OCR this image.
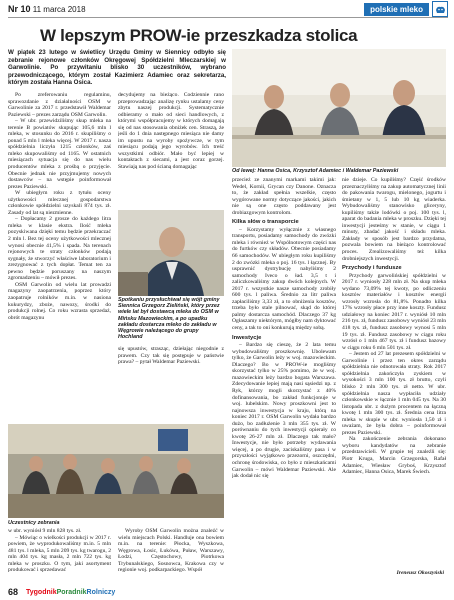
Nr 10 11 marca 2018	polskie mleko
W lepszym PROW-ie przeszkadza stolica
W piątek 23 lutego w świetlicy Urzędu Gminy w Siennicy odbyło się zebranie rejonowe członków Okręgowej Spółdzielni Mleczarskiej w Garwolinie. Po przywitaniu blisko 30 uczestników, wybrano przewodniczącego, którym został Kazimierz Adamiec oraz sekretarza, którym została Hanna Osica.

Po zreferowaniu regulaminu, sprawozdanie z działalności OSM w Garwolinie za 2017 r. przedstawił Waldemar Paziewski – prezes zarządu OSM Garwolin.

– W ubr. przewidziliśmy skup mleka na terenie B powiatów skupując 105,6 mln l mleka, w stosunku do 2016 r. skupiliśmy o ponad 5 mln l mleka więcej. W 2017 r. nasza spółdzielnia liczyła 1215 członków, zaś mleko skupowaliśmy od 1165. W ostatnich miesiącach sytuacja się do nas wielu producentów mleka z prośbą o przyjęcie. Obecnie jednak nie przyjmujemy nowych dostawców – na wstępie poinformował prezes Paziewski.

W ubiegłym roku z tytułu oceny użytkowości mlecznej gospodarstwa członkowie spółdzielni uzyskali 874 tys. zł. Zasady od lat są niezmienne.

– Dopłacamy 2 grosze do każdego litra mleka w klasie ekstra. Ilość mleka pozyskiwana dzięki temu będzie przekraczać 2 mln l. Bez tej oceny użytkowości mlecznej wynosi obecnie 41,5% i spada. Na terenach rejonowych te straty członków podają sygnały, że stworzyć właściwe laboratorium i zrezygnować z tych dopłat. Temat ten za pewno będzie poruszany na naszym zgromadzeniu – mówił prezes.

OSM Garwolin od wielu lat prowadzi magazyny zaopatrzenia, poprzez który zaopatruje rolników m.in. w nasiona kukurydzy, zboże, nawozy, środki do produkcji rolnej. Co roku wzrasta sprzedaż, obrót magazynu

decydujemy na bieżąco. Codziennie rano przeprowadzając analizę rynku ustalamy ceny zbytu naszej produkcji. Systematycznie odbieramy o mało od sieci handlowych, z którymi współpracujemy w których domagają się od nas stosowania obniżek cen. Straszą, że jeśli do 1 dnia następnego miesiąca nie damy im upustu na wyroby spożywcze, w tym miesiącu podają jego wyrobów. Ich treść wszystkimi odbiór. Mało być lepiej w kontaktach z siecami, a jest coraz gorzej. Stawiają nas pod ścianą domagając

Spotkaniu przysłuchiwał się wójt gminy Siennica Grzegorz Zieliński, który przez wiele lat był dostawcą mleka do OSM w Mińsku Mazowieckim, a po upadku zakładu dostarcza mleko do zakładu w Węgrowie należącego do grupy Hochland

się upustów, strasząc, dziełając niegodnie z prawem. Czy tak się postępuje w państwie prawa? – pytał Waldemar Paziewski.

Od lewej: Hanna Osica, Krzysztof Adamiec i Waldemar Paziewski

przecież ze znanymi markami takimi jak: Wedel, Kornii, Grycan czy Danone. Oznacza to, że zakład spełnia wszelkie, często wygórowane normy dotyczące jakości, jakich nie są one często poddawany jest drobiazgowym kontrolom.

Kilka słów o transporcie

– Korzystamy wyłącznie z własnego transportu, posiadamy samochody do zwózki mleka i również w Wspólnotowym części nas do furtków czy składów. Obecnie posiadamy 66 samochodów. W ubiegłym roku kupiliśmy 2 do zwózki mleka o poj. 16 tys. l łącznej. By usprawnić dystrybucję nabyliśmy 2 samochody Iveco o ład. 3,5 t i zaliczkowaliśmy zakup dwóch kolejnych. W 2017 r. wszystkie nasze samochody zrobiły 600 tys. l paliwa. Średnio za litr paliwa zapłaciliśmy 3,33 zł, a to obniżenia kosztów, trzeba było stale pilnować, skąd do której palmy dostarcza samochód. Dlaczego 37 kg Ogłaszamy niektórym, mógłby nam dyktować ceny, a tak to oni konkurują między sobą.

Inwestycje

– Bardzo się cieszę, że 2 lata temu wybudowaliśmy proszkownię. Ubolewam tylko, że Garwolin leży w woj. mazowieckim. Dlaczego? Bo w PROW-ie mogliśmy skorzystać tylko w 25% pomimo, że w woj. mazowieckim leży bardzo bogata Warszawa. Zdecydowanie lepiej mają nasi sąsiedzi np. z Ryk, którzy mogli skorzystać z 40% dofinansowania, bo zakład funkcjonuje w woj. lubelskim. Nowy proszkowni jest to najnowsza inwestycja w kraju, którą na koniec 2017 r. OSM Garwolin wydała bardzo dużo, bo zadłużenie 3 mln 355 tys. zł. W porównaniu do tych inwestycji opierały co kwotę 26-27 mln zł. Dlaczego tak mało? Inwestycje, nie było potrzeby wydawania więcej, a po drugie, zaciskaliśmy pasa i w przyszłości wyjątkowo przezorni, oszczędni, ochronę środowiska, co było z mieszkańcami Garwolin – mówi Waldemar Paziewski. Ale jak dodał nic się

nie dzieje. Co kupiliśmy? Część środków przeznaczyliśmy na zakup automatycznej linii do pakowania twarogu, mielonego, jogurtu i śmietany w 1, 5 lub 10 kg wiaderka. Wybudowaliśmy stanowisko gliceryny, kupiliśmy także lodówki o poj. 100 tys. l, aparat do badania mleka w proszku. Dzięki tej inwestycji jesteśmy w stanie, w ciągu 1 minuty, zbadać jakość i składu mleka. Zakłady w sposób jest bardzo przydatna, pozwala bowiem na bieżąco kontrolować proces. Zrealizowaliśmy też kilka drobniejszych inwestycji.

Przychody i fundusze

Przychody garwolińskiej spółdzielni w 2017 r. wyniosły 228 mln zł. Na skup mleka wydano 73,09% tej kwoty, po odliczeniu kosztów materiałów i kosztów energii wzrosły wzrosła do 81,8%. Ponadto kilka 17% wzrosły płace przy inne koszty. Fundusz udziałowy na koniec 2017 r. wyniósł 10 mln 216 tys. zł, fundusz zasobowy wyniósł 23 mln 418 tys. zł, fundusz zasobowy wynosi 5 mln 19 tys. zł. Fundusz zasobowy w ciągu roku wzrósł o 1 mln 467 tys. zł i fundusz bazowy w ciągu roku 6 mln 501 tys. zł.

– Jestem od 27 lat prezesem spółdzielni w Garwolinie i przez ten okres zarządu spółdzielnia nie odnotowała straty. Rok 2017 spółdzielnia zakończyła zyskiem w wysokości 3 mln 100 tys. zł brutto, czyli blisko 2 mln 300 tys. zł netto. W ubr. spółdzielnia nasza wypłaciła udziały członkowskie w łącznie 1 mln 045 tys. Na 30 listopada ubr. z dużym procentem na łączną kwotę 1 mln 300 tys. zł. Średnia cena litra mleka w skupie w ubr. wyniosła 1,50 zł i uważam, że była dobra – poinformował prezes Paziewski.

Na zakończenie zebrania dokonano wyboru kandydatów na zebranie przedstawicieli. W grupie tej znaleźli się: Piotr Kruga, Marcin Grzegorska, Rafał Adamiec, Wiesław Gryboś, Krzysztof Adamiec, Hanna Osica, Marek Świech.

Ireneusz Okoszyński
Uczestnicy zebrania

w ubr. wyniósł 9 mln 828 tys. zł.

– Mówiąc o wielkości produkcji w 2017 r. powiem, że wyprodukowaliśmy m.in. 5 mln 481 tys. l mleka, 5 mln 209 tys. kg twarogu, 2 mln 404 tys. kg masła, 2 mln 722 tys. kg mleka w proszku. O tym, jaki asortyment produkować i sprzedawać

Wyroby OSM Garwolin można znaleźć w wielu miejscach Polski. Handluje ona bowiem m.in. na terenie: Płocka, Wyszkowa, Węgrowa, Łosic, Łukówa, Puław, Warszawy, Łodzi, Częstochowy, Piotrkowa Trybunalskiego, Sosnowca, Krakowa czy w regionie woj. podkarpackiego. Współ

68 TygodnikPoradnikRolniczy
